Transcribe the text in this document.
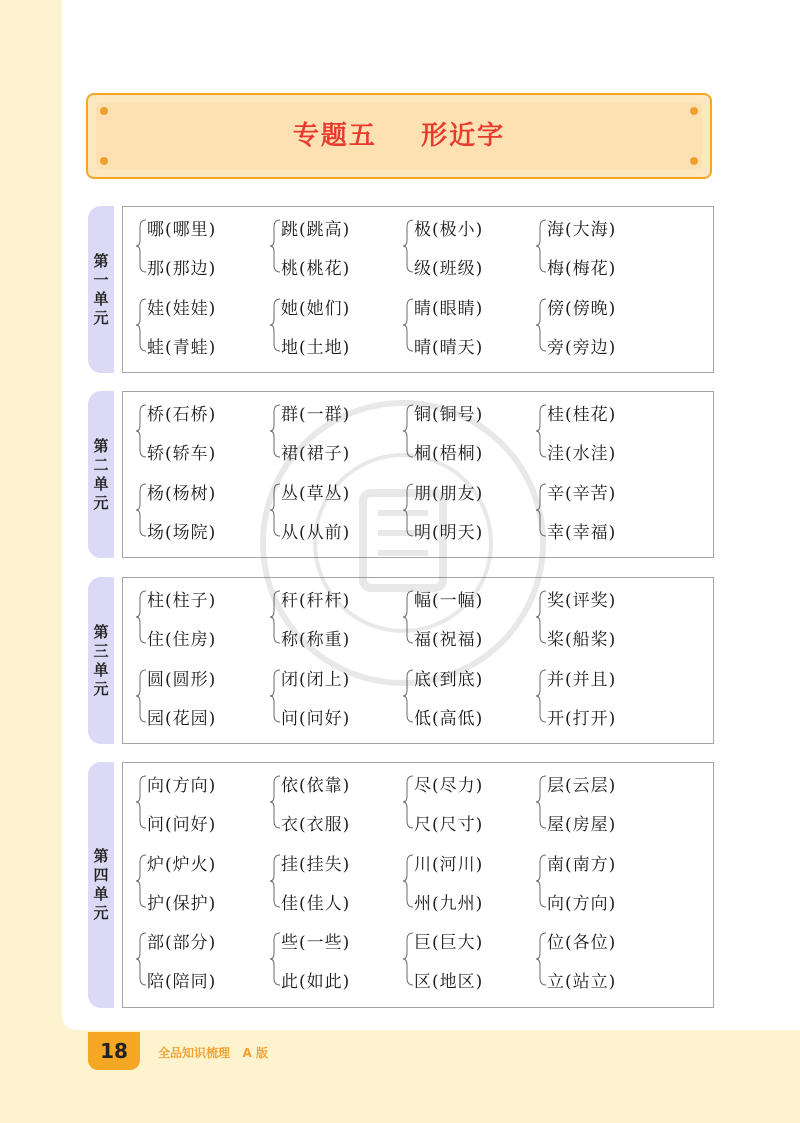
专题五    形近字
第一单元
哪(哪里)
那(那边)
跳(跳高)
桃(桃花)
极(极小)
级(班级)
海(大海)
梅(梅花)
娃(娃娃)
蛙(青蛙)
她(她们)
地(土地)
睛(眼睛)
晴(晴天)
傍(傍晚)
旁(旁边)
第二单元
桥(石桥)
轿(轿车)
群(一群)
裙(裙子)
铜(铜号)
桐(梧桐)
桂(桂花)
洼(水洼)
杨(杨树)
场(场院)
丛(草丛)
从(从前)
朋(朋友)
明(明天)
辛(辛苦)
幸(幸福)
第三单元
柱(柱子)
住(住房)
秆(秆杆)
称(称重)
幅(一幅)
福(祝福)
奖(评奖)
桨(船桨)
圆(圆形)
园(花园)
闭(闭上)
问(问好)
底(到底)
低(高低)
并(并且)
开(打开)
第四单元
向(方向)
问(问好)
依(依靠)
衣(衣服)
尽(尽力)
尺(尺寸)
层(云层)
屋(房屋)
炉(炉火)
护(保护)
挂(挂失)
佳(佳人)
川(河川)
州(九州)
南(南方)
向(方向)
部(部分)
陪(陪同)
些(一些)
此(如此)
巨(巨大)
区(地区)
位(各位)
立(站立)
18	全品知识梳理   A 版
